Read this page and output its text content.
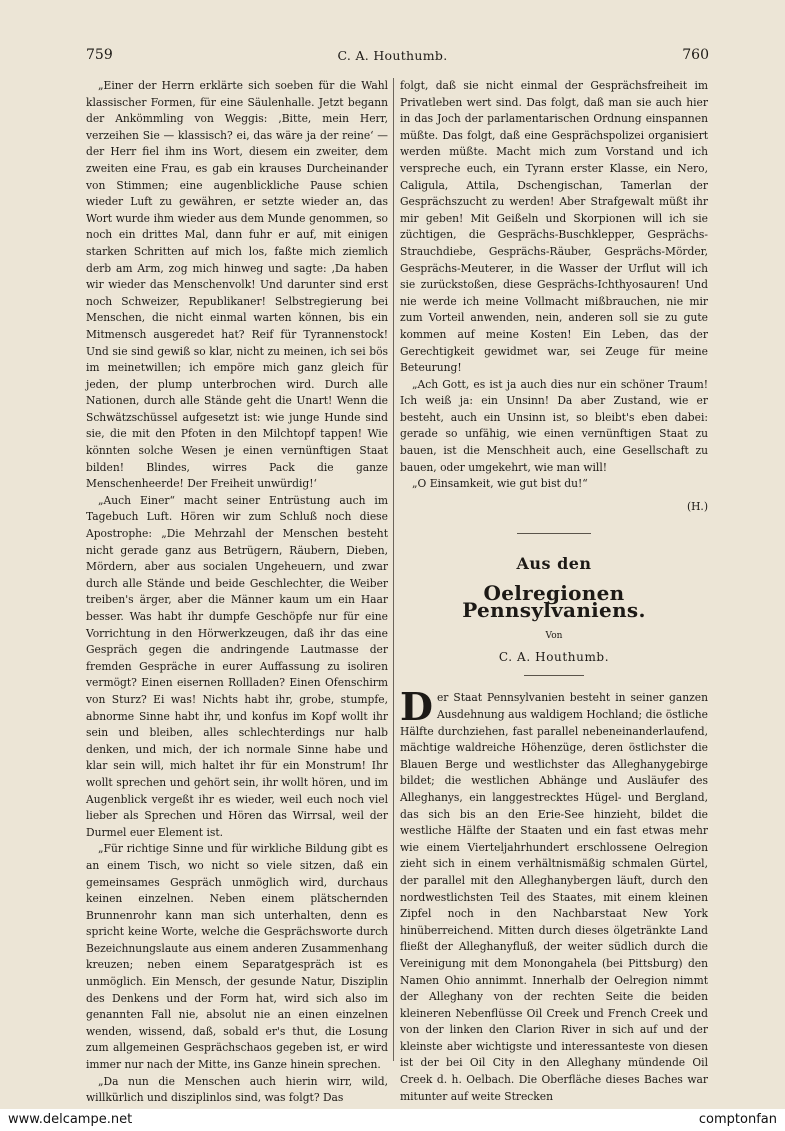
759	C. A. Houthumb.	760

„Einer der Herrn erklärte sich soeben für die Wahl klassischer Formen, für eine Säulenhalle. Jetzt begann der Ankömmling von Weggis: ‚Bitte, mein Herr, verzeihen Sie — klassisch? ei, das wäre ja der reine‘ — der Herr fiel ihm ins Wort, diesem ein zweiter, dem zweiten eine Frau, es gab ein krauses Durcheinander von Stimmen; eine augenblickliche Pause schien wieder Luft zu gewähren, er setzte wieder an, das Wort wurde ihm wieder aus dem Munde genommen, so noch ein drittes Mal, dann fuhr er auf, mit einigen starken Schritten auf mich los, faßte mich ziemlich derb am Arm, zog mich hinweg und sagte: ‚Da haben wir wieder das Menschenvolk! Und darunter sind erst noch Schweizer, Republikaner! Selbstregierung bei Menschen, die nicht einmal warten können, bis ein Mitmensch ausgeredet hat? Reif für Tyrannenstock! Und sie sind gewiß so klar, nicht zu meinen, ich sei bös im meinetwillen; ich empöre mich ganz gleich für jeden, der plump unterbrochen wird. Durch alle Nationen, durch alle Stände geht die Unart! Wenn die Schwätzschüssel aufgesetzt ist: wie junge Hunde sind sie, die mit den Pfoten in den Milchtopf tappen! Wie könnten solche Wesen je einen vernünftigen Staat bilden! Blindes, wirres Pack die ganze Menschenheerde! Der Freiheit unwürdig!‘

„Auch Einer“ macht seiner Entrüstung auch im Tagebuch Luft. Hören wir zum Schluß noch diese Apostrophe: „Die Mehrzahl der Menschen besteht nicht gerade ganz aus Betrügern, Räubern, Dieben, Mördern, aber aus socialen Ungeheuern, und zwar durch alle Stände und beide Geschlechter, die Weiber treiben's ärger, aber die Männer kaum um ein Haar besser. Was habt ihr dumpfe Geschöpfe nur für eine Vorrichtung in den Hörwerkzeugen, daß ihr das eine Gespräch gegen die andringende Lautmasse der fremden Gespräche in eurer Auffassung zu isoliren vermögt? Einen eisernen Rollladen? Einen Ofenschirm von Sturz? Ei was! Nichts habt ihr, grobe, stumpfe, abnorme Sinne habt ihr, und konfus im Kopf wollt ihr sein und bleiben, alles schlechterdings nur halb denken, und mich, der ich normale Sinne habe und klar sein will, mich haltet ihr für ein Monstrum! Ihr wollt sprechen und gehört sein, ihr wollt hören, und im Augenblick vergeßt ihr es wieder, weil euch noch viel lieber als Sprechen und Hören das Wirrsal, weil der Durmel euer Element ist.

„Für richtige Sinne und für wirkliche Bildung gibt es an einem Tisch, wo nicht so viele sitzen, daß ein gemeinsames Gespräch unmöglich wird, durchaus keinen einzelnen. Neben einem plätschernden Brunnenrohr kann man sich unterhalten, denn es spricht keine Worte, welche die Gesprächsworte durch Bezeichnungslaute aus einem anderen Zusammenhang kreuzen; neben einem Separatgespräch ist es unmöglich. Ein Mensch, der gesunde Natur, Disziplin des Denkens und der Form hat, wird sich also im genannten Fall nie, absolut nie an einen einzelnen wenden, wissend, daß, sobald er's thut, die Losung zum allgemeinen Gesprächschaos gegeben ist, er wird immer nur nach der Mitte, ins Ganze hinein sprechen.

„Da nun die Menschen auch hierin wirr, wild, willkürlich und disziplinlos sind, was folgt? Das

folgt, daß sie nicht einmal der Gesprächsfreiheit im Privatleben wert sind. Das folgt, daß man sie auch hier in das Joch der parlamentarischen Ordnung einspannen müßte. Das folgt, daß eine Gesprächspolizei organisiert werden müßte. Macht mich zum Vorstand und ich verspreche euch, ein Tyrann erster Klasse, ein Nero, Caligula, Attila, Dschengischan, Tamerlan der Gesprächszucht zu werden! Aber Strafgewalt müßt ihr mir geben! Mit Geißeln und Skorpionen will ich sie züchtigen, die Gesprächs-Buschklepper, Gesprächs-Strauchdiebe, Gesprächs-Räuber, Gesprächs-Mörder, Gesprächs-Meuterer, in die Wasser der Urflut will ich sie zurückstoßen, diese Gesprächs-Ichthyosauren! Und nie werde ich meine Vollmacht mißbrauchen, nie mir zum Vorteil anwenden, nein, anderen soll sie zu gute kommen auf meine Kosten! Ein Leben, das der Gerechtigkeit gewidmet war, sei Zeuge für meine Beteurung!

„Ach Gott, es ist ja auch dies nur ein schöner Traum! Ich weiß ja: ein Unsinn! Da aber Zustand, wie er besteht, auch ein Unsinn ist, so bleibt's eben dabei: gerade so unfähig, wie einen vernünftigen Staat zu bauen, ist die Menschheit auch, eine Gesellschaft zu bauen, oder umgekehrt, wie man will!

„O Einsamkeit, wie gut bist du!“

(H.)
Aus den
Oelregionen Pennsylvaniens.
Von
C. A. Houthumb.

Der Staat Pennsylvanien besteht in seiner ganzen Ausdehnung aus waldigem Hochland; die östliche Hälfte durchziehen, fast parallel nebeneinanderlaufend, mächtige waldreiche Höhenzüge, deren östlichster die Blauen Berge und westlichster das Alleghanygebirge bildet; die westlichen Abhänge und Ausläufer des Alleghanys, ein langgestrecktes Hügel- und Bergland, das sich bis an den Erie-See hinzieht, bildet die westliche Hälfte der Staaten und ein fast etwas mehr wie einem Vierteljahrhundert erschlossene Oelregion zieht sich in einem verhältnismäßig schmalen Gürtel, der parallel mit den Alleghanybergen läuft, durch den nordwestlichsten Teil des Staates, mit einem kleinen Zipfel noch in den Nachbarstaat New York hinüberreichend. Mitten durch dieses ölgetränkte Land fließt der Alleghanyfluß, der weiter südlich durch die Vereinigung mit dem Monongahela (bei Pittsburg) den Namen Ohio annimmt. Innerhalb der Oelregion nimmt der Alleghany von der rechten Seite die beiden kleineren Nebenflüsse Oil Creek und French Creek und von der linken den Clarion River in sich auf und der kleinste aber wichtigste und interessanteste von diesen ist der bei Oil City in den Alleghany mündende Oil Creek d. h. Oelbach. Die Oberfläche dieses Baches war mitunter auf weite Strecken

www.delcampe.net	comptonfan
